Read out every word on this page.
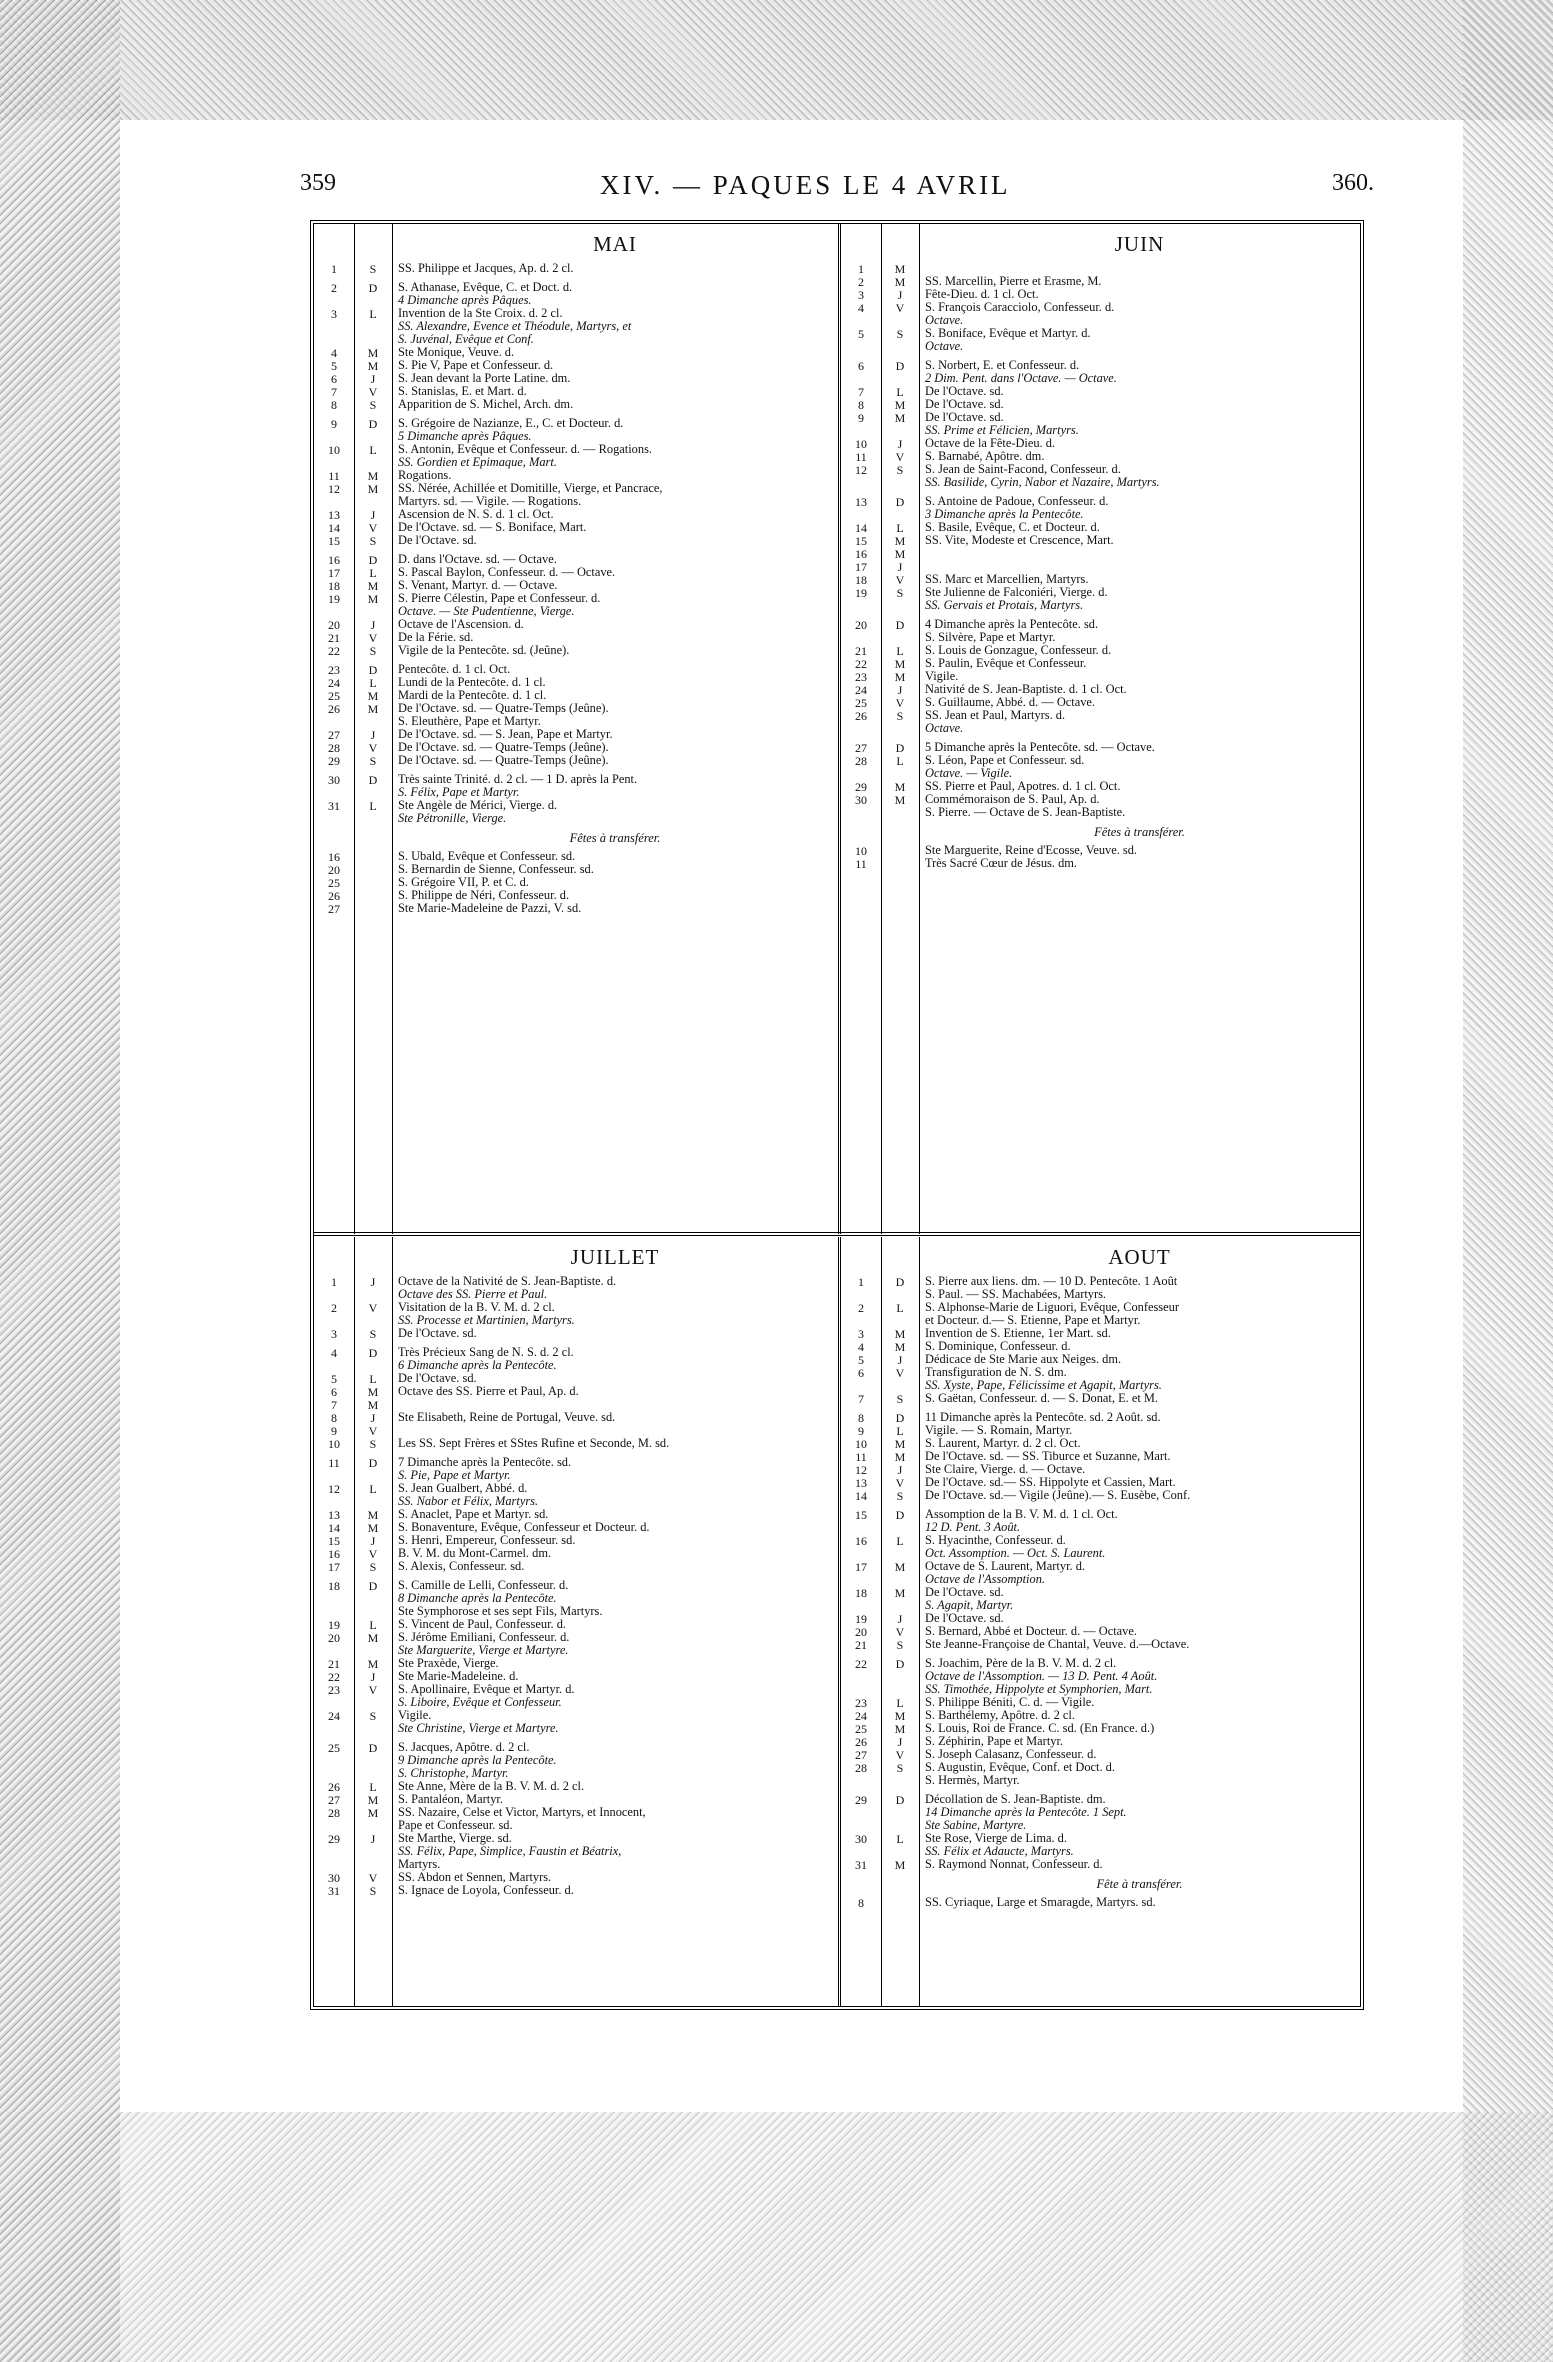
359	XIV. — PAQUES LE 4 AVRIL	360.
MAI
1	S	SS. Philippe et Jacques, Ap. d. 2 cl.
2	D	S. Athanase, Evêque, C. et Doct. d.
4 Dimanche après Pâques.
3	L	Invention de la Ste Croix. d. 2 cl.
SS. Alexandre, Evence et Théodule, Martyrs, et
S. Juvénal, Evêque et Conf.
4	M	Ste Monique, Veuve. d.
5	M	S. Pie V, Pape et Confesseur. d.
6	J	S. Jean devant la Porte Latine. dm.
7	V	S. Stanislas, E. et Mart. d.
8	S	Apparition de S. Michel, Arch. dm.
9	D	S. Grégoire de Nazianze, E., C. et Docteur. d.
5 Dimanche après Pâques.
10	L	S. Antonin, Evêque et Confesseur. d. — Rogations.
SS. Gordien et Epimaque, Mart.
11	M	Rogations.
12	M	SS. Nérée, Achillée et Domitille, Vierge, et Pancrace,
Martyrs. sd. — Vigile. — Rogations.
13	J	Ascension de N. S. d. 1 cl. Oct.
14	V	De l'Octave. sd. — S. Boniface, Mart.
15	S	De l'Octave. sd.
16	D	D. dans l'Octave. sd. — Octave.
17	L	S. Pascal Baylon, Confesseur. d. — Octave.
18	M	S. Venant, Martyr. d. — Octave.
19	M	S. Pierre Célestin, Pape et Confesseur. d.
Octave. — Ste Pudentienne, Vierge.
20	J	Octave de l'Ascension. d.
21	V	De la Férie. sd.
22	S	Vigile de la Pentecôte. sd. (Jeûne).
23	D	Pentecôte. d. 1 cl. Oct.
24	L	Lundi de la Pentecôte. d. 1 cl.
25	M	Mardi de la Pentecôte. d. 1 cl.
26	M	De l'Octave. sd. — Quatre-Temps (Jeûne).
S. Eleuthère, Pape et Martyr.
27	J	De l'Octave. sd. — S. Jean, Pape et Martyr.
28	V	De l'Octave. sd. — Quatre-Temps (Jeûne).
29	S	De l'Octave. sd. — Quatre-Temps (Jeûne).
30	D	Très sainte Trinité. d. 2 cl. — 1 D. après la Pent.
S. Félix, Pape et Martyr.
31	L	Ste Angèle de Mérici, Vierge. d.
Ste Pétronille, Vierge.
Fêtes à transférer.
16	S. Ubald, Evêque et Confesseur. sd.
20	S. Bernardin de Sienne, Confesseur. sd.
25	S. Grégoire VII, P. et C. d.
26	S. Philippe de Néri, Confesseur. d.
27	Ste Marie-Madeleine de Pazzi, V. sd.
JUIN
1	M

2	M	SS. Marcellin, Pierre et Erasme, M.
3	J	Fête-Dieu. d. 1 cl. Oct.
4	V	S. François Caracciolo, Confesseur. d.
Octave.
5	S	S. Boniface, Evêque et Martyr. d.
Octave.
6	D	S. Norbert, E. et Confesseur. d.
2 Dim. Pent. dans l'Octave. — Octave.
7	L	De l'Octave. sd.
8	M	De l'Octave. sd.
9	M	De l'Octave. sd.
SS. Prime et Félicien, Martyrs.
10	J	Octave de la Fête-Dieu. d.
11	V	S. Barnabé, Apôtre. dm.
12	S	S. Jean de Saint-Facond, Confesseur. d.
SS. Basilide, Cyrin, Nabor et Nazaire, Martyrs.
13	D	S. Antoine de Padoue, Confesseur. d.
3 Dimanche après la Pentecôte.
14	L	S. Basile, Evêque, C. et Docteur. d.
15	M	SS. Vite, Modeste et Crescence, Mart.
16	M

17	J

18	V	SS. Marc et Marcellien, Martyrs.
19	S	Ste Julienne de Falconiéri, Vierge. d.
SS. Gervais et Protais, Martyrs.
20	D	4 Dimanche après la Pentecôte. sd.
S. Silvère, Pape et Martyr.
21	L	S. Louis de Gonzague, Confesseur. d.
22	M	S. Paulin, Evêque et Confesseur.
23	M	Vigile.
24	J	Nativité de S. Jean-Baptiste. d. 1 cl. Oct.
25	V	S. Guillaume, Abbé. d. — Octave.
26	S	SS. Jean et Paul, Martyrs. d.
Octave.
27	D	5 Dimanche après la Pentecôte. sd. — Octave.
28	L	S. Léon, Pape et Confesseur. sd.
Octave. — Vigile.
29	M	SS. Pierre et Paul, Apotres. d. 1 cl. Oct.
30	M	Commémoraison de S. Paul, Ap. d.
S. Pierre. — Octave de S. Jean-Baptiste.
Fêtes à transférer.
10	Ste Marguerite, Reine d'Ecosse, Veuve. sd.
11	Très Sacré Cœur de Jésus. dm.
JUILLET
1	J	Octave de la Nativité de S. Jean-Baptiste. d.
Octave des SS. Pierre et Paul.
2	V	Visitation de la B. V. M. d. 2 cl.
SS. Processe et Martinien, Martyrs.
3	S	De l'Octave. sd.
4	D	Très Précieux Sang de N. S. d. 2 cl.
6 Dimanche après la Pentecôte.
5	L	De l'Octave. sd.
6	M	Octave des SS. Pierre et Paul, Ap. d.
7	M

8	J	Ste Elisabeth, Reine de Portugal, Veuve. sd.
9	V

10	S	Les SS. Sept Frères et SStes Rufine et Seconde, M. sd.
11	D	7 Dimanche après la Pentecôte. sd.
S. Pie, Pape et Martyr.
12	L	S. Jean Gualbert, Abbé. d.
SS. Nabor et Félix, Martyrs.
13	M	S. Anaclet, Pape et Martyr. sd.
14	M	S. Bonaventure, Evêque, Confesseur et Docteur. d.
15	J	S. Henri, Empereur, Confesseur. sd.
16	V	B. V. M. du Mont-Carmel. dm.
17	S	S. Alexis, Confesseur. sd.
18	D	S. Camille de Lelli, Confesseur. d.
8 Dimanche après la Pentecôte.
Ste Symphorose et ses sept Fils, Martyrs.
19	L	S. Vincent de Paul, Confesseur. d.
20	M	S. Jérôme Emiliani, Confesseur. d.
Ste Marguerite, Vierge et Martyre.
21	M	Ste Praxède, Vierge.
22	J	Ste Marie-Madeleine. d.
23	V	S. Apollinaire, Evêque et Martyr. d.
S. Liboire, Evêque et Confesseur.
24	S	Vigile.
Ste Christine, Vierge et Martyre.
25	D	S. Jacques, Apôtre. d. 2 cl.
9 Dimanche après la Pentecôte.
S. Christophe, Martyr.
26	L	Ste Anne, Mère de la B. V. M. d. 2 cl.
27	M	S. Pantaléon, Martyr.
28	M	SS. Nazaire, Celse et Victor, Martyrs, et Innocent,
Pape et Confesseur. sd.
29	J	Ste Marthe, Vierge. sd.
SS. Félix, Pape, Simplice, Faustin et Béatrix,
Martyrs.
30	V	SS. Abdon et Sennen, Martyrs.
31	S	S. Ignace de Loyola, Confesseur. d.
AOUT
1	D	S. Pierre aux liens. dm. — 10 D. Pentecôte. 1 Août
S. Paul. — SS. Machabées, Martyrs.
2	L	S. Alphonse-Marie de Liguori, Evêque, Confesseur
et Docteur. d.— S. Etienne, Pape et Martyr.
3	M	Invention de S. Etienne, 1er Mart. sd.
4	M	S. Dominique, Confesseur. d.
5	J	Dédicace de Ste Marie aux Neiges. dm.
6	V	Transfiguration de N. S. dm.
SS. Xyste, Pape, Félicissime et Agapit, Martyrs.
7	S	S. Gaëtan, Confesseur. d. — S. Donat, E. et M.
8	D	11 Dimanche après la Pentecôte. sd. 2 Août. sd.
9	L	Vigile. — S. Romain, Martyr.
10	M	S. Laurent, Martyr. d. 2 cl. Oct.
11	M	De l'Octave. sd. — SS. Tiburce et Suzanne, Mart.
12	J	Ste Claire, Vierge. d. — Octave.
13	V	De l'Octave. sd.— SS. Hippolyte et Cassien, Mart.
14	S	De l'Octave. sd.— Vigile (Jeûne).— S. Eusèbe, Conf.
15	D	Assomption de la B. V. M. d. 1 cl. Oct.
12 D. Pent. 3 Août.
16	L	S. Hyacinthe, Confesseur. d.
Oct. Assomption. — Oct. S. Laurent.
17	M	Octave de S. Laurent, Martyr. d.
Octave de l'Assomption.
18	M	De l'Octave. sd.
S. Agapit, Martyr.
19	J	De l'Octave. sd.
20	V	S. Bernard, Abbé et Docteur. d. — Octave.
21	S	Ste Jeanne-Françoise de Chantal, Veuve. d.—Octave.
22	D	S. Joachim, Père de la B. V. M. d. 2 cl.
Octave de l'Assomption. — 13 D. Pent. 4 Août.
SS. Timothée, Hippolyte et Symphorien, Mart.
23	L	S. Philippe Béniti, C. d. — Vigile.
24	M	S. Barthélemy, Apôtre. d. 2 cl.
25	M	S. Louis, Roi de France. C. sd. (En France. d.)
26	J	S. Zéphirin, Pape et Martyr.
27	V	S. Joseph Calasanz, Confesseur. d.
28	S	S. Augustin, Evêque, Conf. et Doct. d.
S. Hermès, Martyr.
29	D	Décollation de S. Jean-Baptiste. dm.
14 Dimanche après la Pentecôte. 1 Sept.
Ste Sabine, Martyre.
30	L	Ste Rose, Vierge de Lima. d.
SS. Félix et Adaucte, Martyrs.
31	M	S. Raymond Nonnat, Confesseur. d.
Fête à transférer.
8	SS. Cyriaque, Large et Smaragde, Martyrs. sd.
